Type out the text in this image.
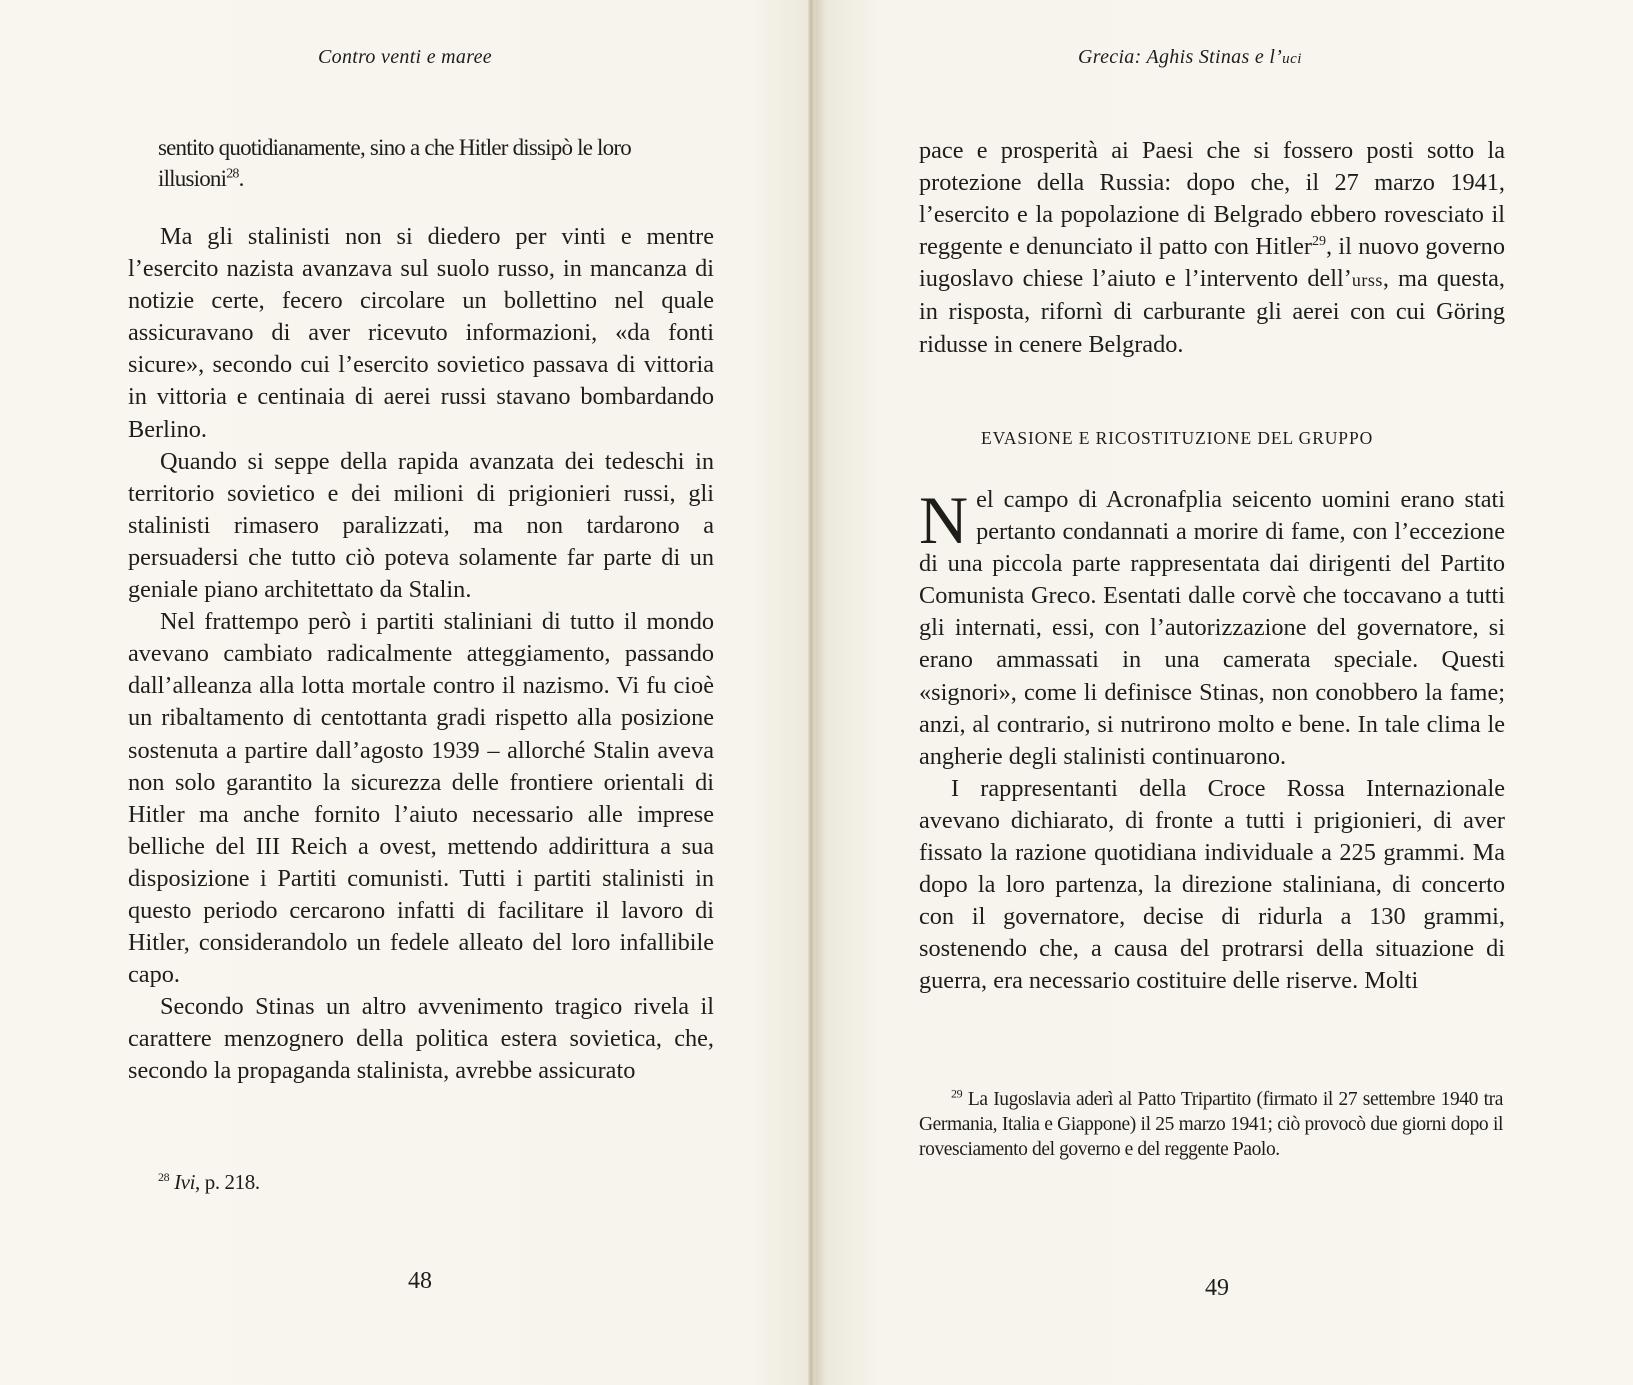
Contro venti e maree
sentito quotidianamente, sino a che Hitler dissipò le loro
illusioni$^{28}$.

Ma gli stalinisti non si diedero per vinti e mentre l’esercito nazista avanzava sul suolo russo, in mancanza di notizie certe, fecero circolare un bollettino nel quale assicuravano di aver ricevuto informazioni, «da fonti sicure», secondo cui l’esercito sovietico passava di vittoria in vittoria e centinaia di aerei russi stavano bombardando Berlino.

Quando si seppe della rapida avanzata dei tedeschi in territorio sovietico e dei milioni di prigionieri russi, gli stalinisti rimasero paralizzati, ma non tardarono a persuadersi che tutto ciò poteva solamente far parte di un geniale piano architettato da Stalin.

Nel frattempo però i partiti staliniani di tutto il mondo avevano cambiato radicalmente atteggiamento, passando dall’alleanza alla lotta mortale contro il nazismo. Vi fu cioè un ribaltamento di centottanta gradi rispetto alla posizione sostenuta a partire dall’agosto 1939 – allorché Stalin aveva non solo garantito la sicurezza delle frontiere orientali di Hitler ma anche fornito l’aiuto necessario alle imprese belliche del III Reich a ovest, mettendo addirittura a sua disposizione i Partiti comunisti. Tutti i partiti stalinisti in questo periodo cercarono infatti di facilitare il lavoro di Hitler, considerandolo un fedele alleato del loro infallibile capo.

Secondo Stinas un altro avvenimento tragico rivela il carattere menzognero della politica estera sovietica, che, secondo la propaganda stalinista, avrebbe assicurato

$^{28}$ Ivi, p. 218.
48
Grecia: Aghis Stinas e l’uci

pace e prosperità ai Paesi che si fossero posti sotto la protezione della Russia: dopo che, il 27 marzo 1941, l’esercito e la popolazione di Belgrado ebbero rovesciato il reggente e denunciato il patto con Hitler$^{29}$, il nuovo governo iugoslavo chiese l’aiuto e l’intervento dell’urss, ma questa, in risposta, rifornì di carburante gli aerei con cui Göring ridusse in cenere Belgrado.

EVASIONE E RICOSTITUZIONE DEL GRUPPO

Nel campo di Acronafplia seicento uomini erano stati pertanto condannati a morire di fame, con l’eccezione di una piccola parte rappresentata dai dirigenti del Partito Comunista Greco. Esentati dalle corvè che toccavano a tutti gli internati, essi, con l’autorizzazione del governatore, si erano ammassati in una camerata speciale. Questi «signori», come li definisce Stinas, non conobbero la fame; anzi, al contrario, si nutrirono molto e bene. In tale clima le angherie degli stalinisti continuarono.

I rappresentanti della Croce Rossa Internazionale avevano dichiarato, di fronte a tutti i prigionieri, di aver fissato la razione quotidiana individuale a 225 grammi. Ma dopo la loro partenza, la direzione staliniana, di concerto con il governatore, decise di ridurla a 130 grammi, sostenendo che, a causa del protrarsi della situazione di guerra, era necessario costituire delle riserve. Molti

$^{29}$ La Iugoslavia aderì al Patto Tripartito (firmato il 27 settembre 1940 tra Germania, Italia e Giappone) il 25 marzo 1941; ciò provocò due giorni dopo il rovesciamento del governo e del reggente Paolo.
49
